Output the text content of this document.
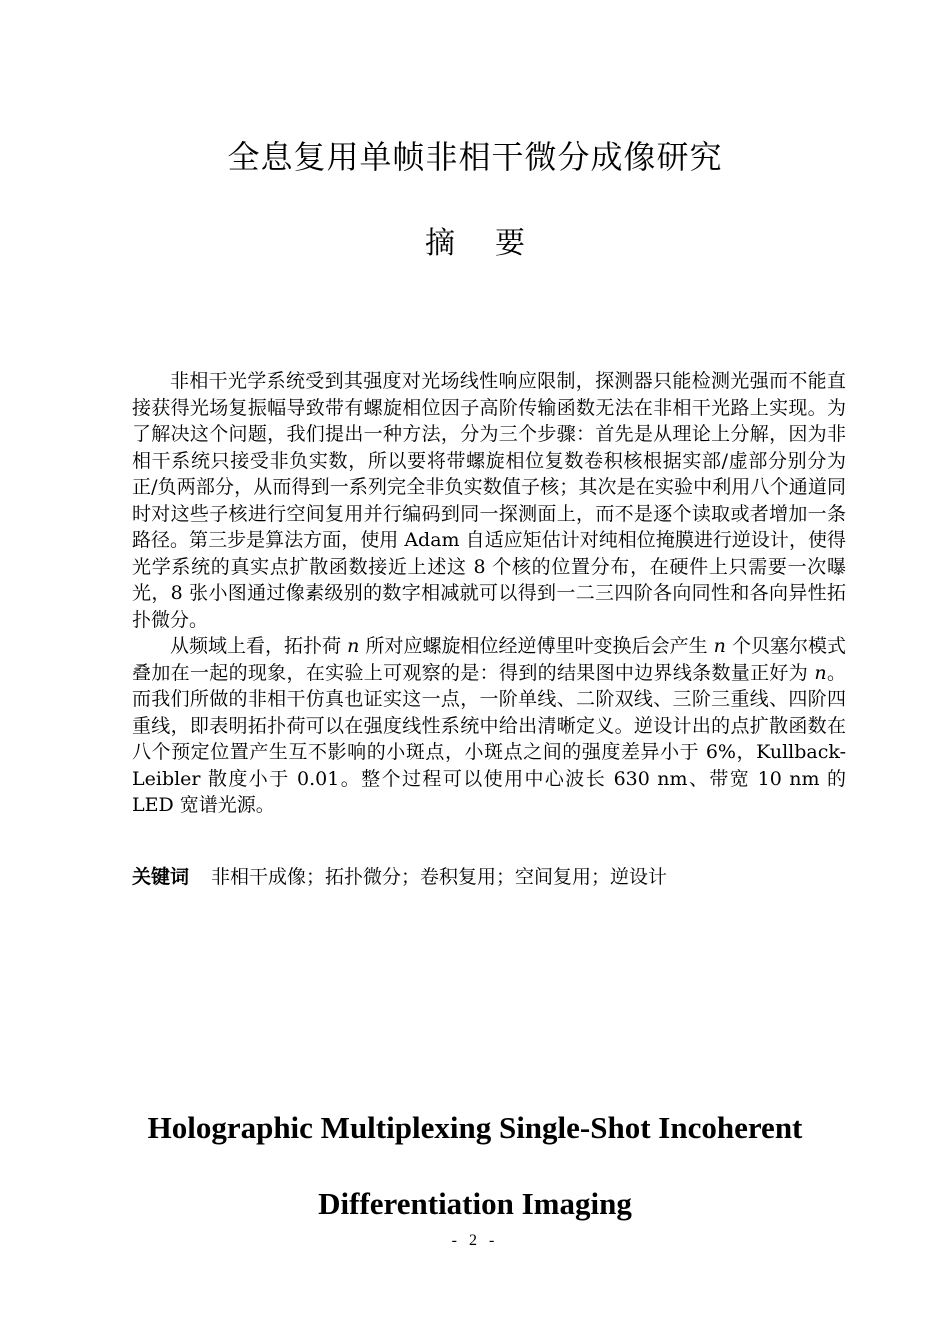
全息复用单帧非相干微分成像研究
摘 要

非相干光学系统受到其强度对光场线性响应限制，探测器只能检测光强而不能直接获得光场复振幅导致带有螺旋相位因子高阶传输函数无法在非相干光路上实现。为了解决这个问题，我们提出一种方法，分为三个步骤：首先是从理论上分解，因为非相干系统只接受非负实数，所以要将带螺旋相位复数卷积核根据实部/虚部分别分为正/负两部分，从而得到一系列完全非负实数值子核；其次是在实验中利用八个通道同时对这些子核进行空间复用并行编码到同一探测面上，而不是逐个读取或者增加一条路径。第三步是算法方面，使用 Adam 自适应矩估计对纯相位掩膜进行逆设计，使得光学系统的真实点扩散函数接近上述这 8 个核的位置分布，在硬件上只需要一次曝光，8 张小图通过像素级别的数字相减就可以得到一二三四阶各向同性和各向异性拓扑微分。

从频域上看，拓扑荷 n 所对应螺旋相位经逆傅里叶变换后会产生 n 个贝塞尔模式叠加在一起的现象，在实验上可观察的是：得到的结果图中边界线条数量正好为 n。而我们所做的非相干仿真也证实这一点，一阶单线、二阶双线、三阶三重线、四阶四重线，即表明拓扑荷可以在强度线性系统中给出清晰定义。逆设计出的点扩散函数在八个预定位置产生互不影响的小斑点，小斑点之间的强度差异小于 6%，Kullback-Leibler 散度小于 0.01。整个过程可以使用中心波长 630 nm、带宽 10 nm 的 LED 宽谱光源。

关键词 非相干成像；拓扑微分；卷积复用；空间复用；逆设计
Holographic Multiplexing Single-Shot Incoherent
Differentiation Imaging
- 2 -
